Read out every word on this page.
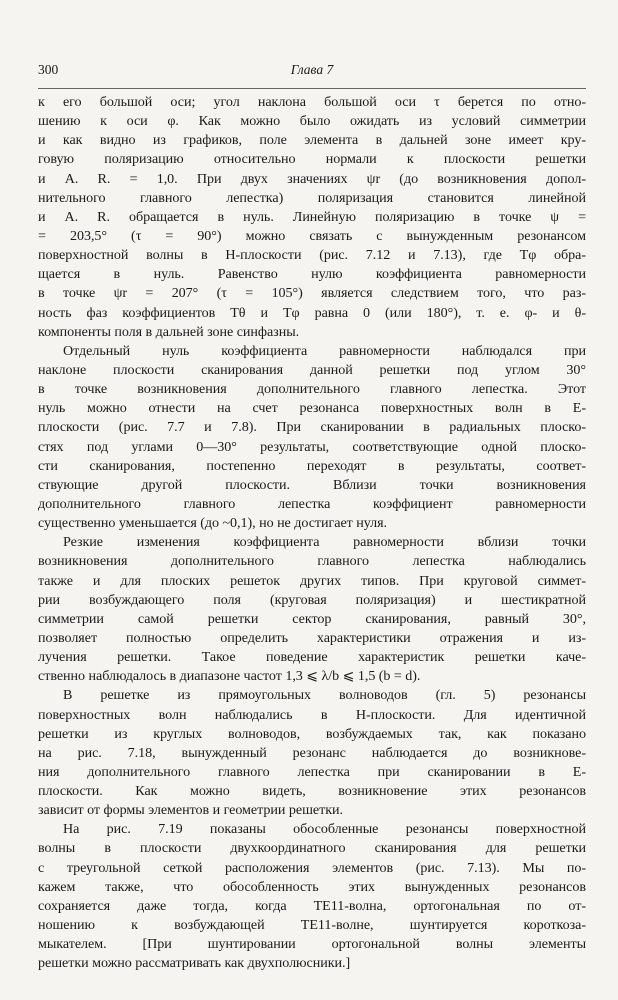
300	Глава 7
к его большой оси; угол наклона большой оси τ берется по отно-
шению к оси φ. Как можно было ожидать из условий симметрии
и как видно из графиков, поле элемента в дальней зоне имеет кру-
говую поляризацию относительно нормали к плоскости решетки
и A. R. = 1,0. При двух значениях ψr (до возникновения допол-
нительного главного лепестка) поляризация становится линейной
и A. R. обращается в нуль. Линейную поляризацию в точке ψ =
= 203,5° (τ = 90°) можно связать с вынужденным резонансом
поверхностной волны в H-плоскости (рис. 7.12 и 7.13), где Tφ обра-
щается в нуль. Равенство нулю коэффициента равномерности
в точке ψr = 207° (τ = 105°) является следствием того, что раз-
ность фаз коэффициентов Tθ и Tφ равна 0 (или 180°), т. е. φ- и θ-
компоненты поля в дальней зоне синфазны.
Отдельный нуль коэффициента равномерности наблюдался при
наклоне плоскости сканирования данной решетки под углом 30°
в точке возникновения дополнительного главного лепестка. Этот
нуль можно отнести на счет резонанса поверхностных волн в E-
плоскости (рис. 7.7 и 7.8). При сканировании в радиальных плоско-
стях под углами 0—30° результаты, соответствующие одной плоско-
сти сканирования, постепенно переходят в результаты, соответ-
ствующие другой плоскости. Вблизи точки возникновения
дополнительного главного лепестка коэффициент равномерности
существенно уменьшается (до ~0,1), но не достигает нуля.
Резкие изменения коэффициента равномерности вблизи точки
возникновения дополнительного главного лепестка наблюдались
также и для плоских решеток других типов. При круговой симмет-
рии возбуждающего поля (круговая поляризация) и шестикратной
симметрии самой решетки сектор сканирования, равный 30°,
позволяет полностью определить характеристики отражения и из-
лучения решетки. Такое поведение характеристик решетки каче-
ственно наблюдалось в диапазоне частот 1,3 ⩽ λ/b ⩽ 1,5 (b = d).
В решетке из прямоугольных волноводов (гл. 5) резонансы
поверхностных волн наблюдались в H-плоскости. Для идентичной
решетки из круглых волноводов, возбуждаемых так, как показано
на рис. 7.18, вынужденный резонанс наблюдается до возникнове-
ния дополнительного главного лепестка при сканировании в E-
плоскости. Как можно видеть, возникновение этих резонансов
зависит от формы элементов и геометрии решетки.
На рис. 7.19 показаны обособленные резонансы поверхностной
волны в плоскости двухкоординатного сканирования для решетки
с треугольной сеткой расположения элементов (рис. 7.13). Мы по-
кажем также, что обособленность этих вынужденных резонансов
сохраняется даже тогда, когда TE11-волна, ортогональная по от-
ношению к возбуждающей TE11-волне, шунтируется короткоза-
мыкателем. [При шунтировании ортогональной волны элементы
решетки можно рассматривать как двухполюсники.]
